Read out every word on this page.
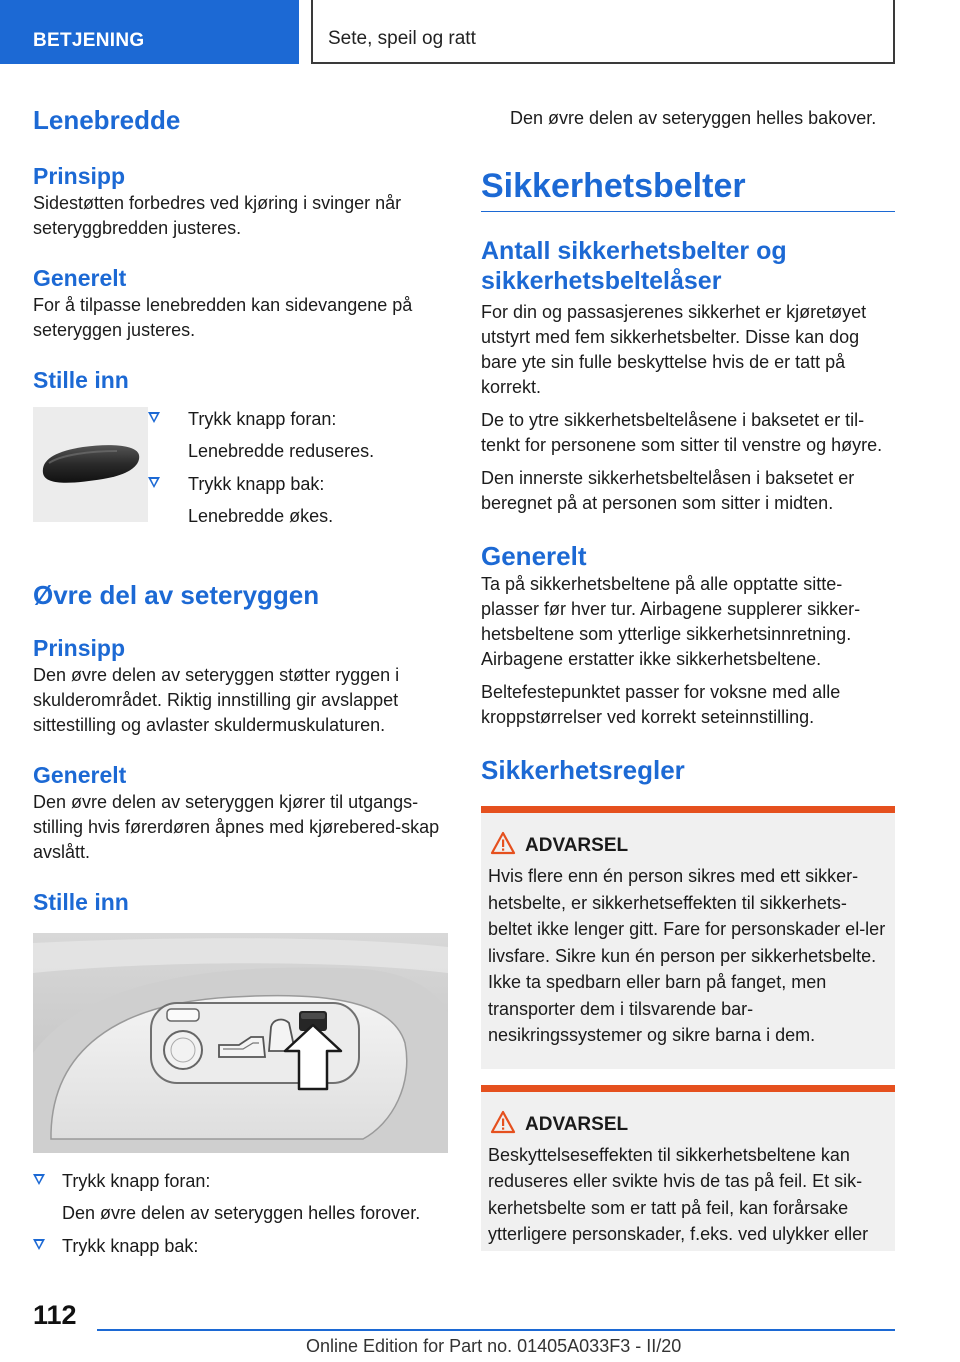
BETJENING	Sete, speil og ratt
Lenebredde
Prinsipp

Sidestøtten forbedres ved kjøring i svinger når seteryggbredden justeres.

Generelt

For å tilpasse lenebredden kan sidevangene på seteryggen justeres.

Stille inn
Trykk knapp foran:
Lenebredde reduseres.
Trykk knapp bak:
Lenebredde økes.
Øvre del av seteryggen
Prinsipp

Den øvre delen av seteryggen støtter ryggen i skulderområdet. Riktig innstilling gir avslappet sittestilling og avlaster skuldermuskulaturen.

Generelt

Den øvre delen av seteryggen kjører til utgangs-stilling hvis førerdøren åpnes med kjørebered-skap avslått.

Stille inn
Trykk knapp foran:
Den øvre delen av seteryggen helles forover.
Trykk knapp bak:

Den øvre delen av seteryggen helles bakover.

Sikkerhetsbelter
Antall sikkerhetsbelter og sikkerhetsbeltelåser

For din og passasjerenes sikkerhet er kjøretøyet utstyrt med fem sikkerhetsbelter. Disse kan dog bare yte sin fulle beskyttelse hvis de er tatt på korrekt.

De to ytre sikkerhetsbeltelåsene i baksetet er til-tenkt for personene som sitter til venstre og høyre.

Den innerste sikkerhetsbeltelåsen i baksetet er beregnet på at personen som sitter i midten.

Generelt

Ta på sikkerhetsbeltene på alle opptatte sitte-plasser før hver tur. Airbagene supplerer sikker-hetsbeltene som ytterlige sikkerhetsinnretning. Airbagene erstatter ikke sikkerhetsbeltene.

Beltefestepunktet passer for voksne med alle kroppstørrelser ved korrekt seteinnstilling.

Sikkerhetsregler
ADVARSEL

Hvis flere enn én person sikres med ett sikker-hetsbelte, er sikkerhetseffekten til sikkerhets-beltet ikke lenger gitt. Fare for personskader el-ler livsfare. Sikre kun én person per sikkerhetsbelte. Ikke ta spedbarn eller barn på fanget, men transporter dem i tilsvarende bar-nesikringssystemer og sikre barna i dem.

ADVARSEL

Beskyttelseseffekten til sikkerhetsbeltene kan reduseres eller svikte hvis de tas på feil. Et sik-kerhetsbelte som er tatt på feil, kan forårsake ytterligere personskader, f.eks. ved ulykker eller

112
Online Edition for Part no. 01405A033F3 - II/20
